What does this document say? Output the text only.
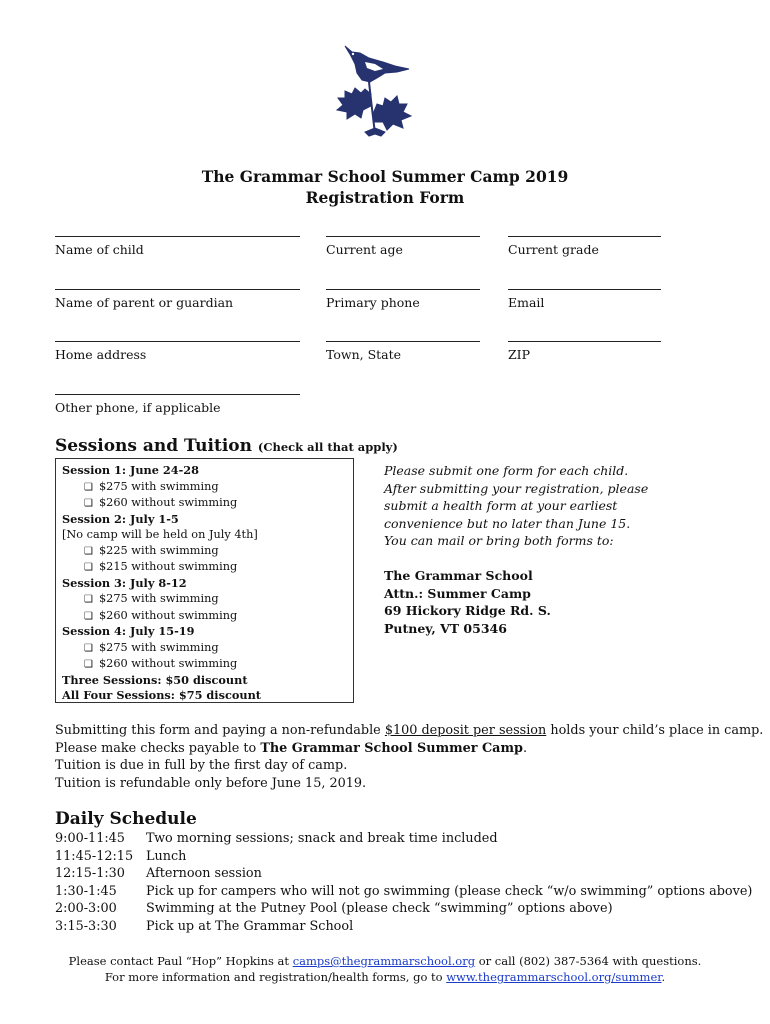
The Grammar School Summer Camp 2019
Registration Form
Name of child	Current age	Current grade
Name of parent or guardian	Primary phone	Email
Home address	Town, State	ZIP
Other phone, if applicable
Sessions and Tuition (Check all that apply)
Session 1: June 24-28
❑ $275 with swimming
❑ $260 without swimming
Session 2: July 1-5
[No camp will be held on July 4th]
❑ $225 with swimming
❑ $215 without swimming
Session 3: July 8-12
❑ $275 with swimming
❑ $260 without swimming
Session 4: July 15-19
❑ $275 with swimming
❑ $260 without swimming
Three Sessions: $50 discount
All Four Sessions: $75 discount
Please submit one form for each child.
After submitting your registration, please
submit a health form at your earliest
convenience but no later than June 15.
You can mail or bring both forms to:
The Grammar School
Attn.: Summer Camp
69 Hickory Ridge Rd. S.
Putney, VT 05346
Submitting this form and paying a non-refundable $100 deposit per session holds your child’s place in camp.
Please make checks payable to The Grammar School Summer Camp.
Tuition is due in full by the first day of camp.
Tuition is refundable only before June 15, 2019.
Daily Schedule
9:00-11:45 Two morning sessions; snack and break time included
11:45-12:15 Lunch
12:15-1:30 Afternoon session
1:30-1:45 Pick up for campers who will not go swimming (please check “w/o swimming” options above)
2:00-3:00 Swimming at the Putney Pool (please check “swimming” options above)
3:15-3:30 Pick up at The Grammar School
Please contact Paul “Hop” Hopkins at camps@thegrammarschool.org or call (802) 387-5364 with questions.
For more information and registration/health forms, go to www.thegrammarschool.org/summer.
